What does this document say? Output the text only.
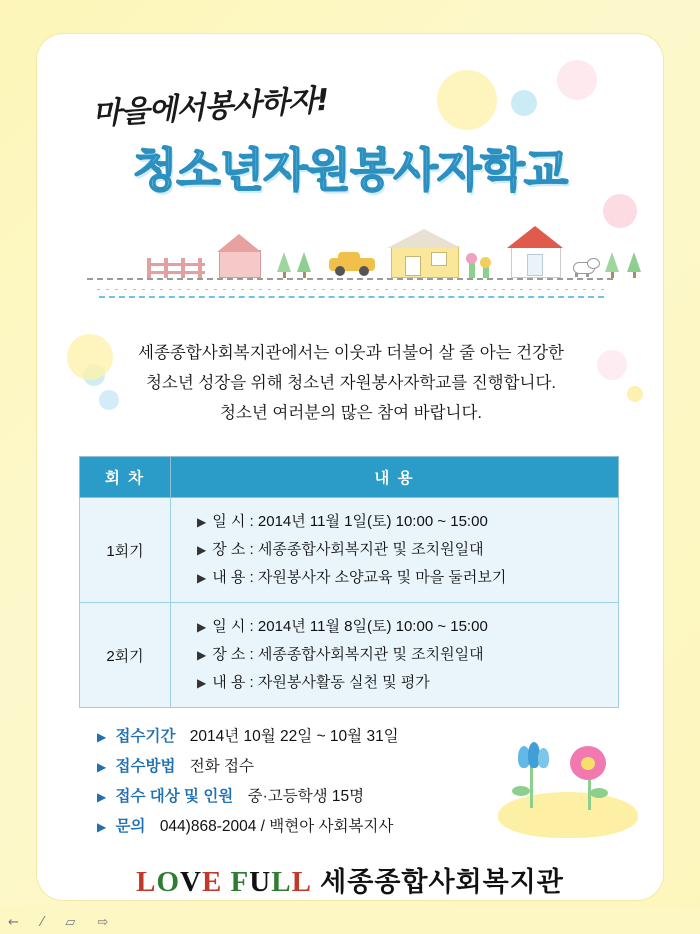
마을에서봉사하자!
청소년자원봉사자학교
세종종합사회복지관에서는 이웃과 더불어 살 줄 아는 건강한
청소년 성장을 위해 청소년 자원봉사자학교를 진행합니다.
청소년 여러분의 많은 참여 바랍니다.
회 차	내 용
1회기	▶ 일 시 : 2014년 11월 1일(토) 10:00 ~ 15:00
▶ 장 소 : 세종종합사회복지관 및 조치원일대
▶ 내 용 : 자원봉사자 소양교육 및 마을 둘러보기

2회기	▶ 일 시 : 2014년 11월 8일(토) 10:00 ~ 15:00
▶ 장 소 : 세종종합사회복지관 및 조치원일대
▶ 내 용 : 자원봉사활동 실천 및 평가
▶ 접수기간 2014년 10월 22일 ~ 10월 31일
▶ 접수방법 전화 접수
▶ 접수 대상 및 인원 중·고등학생 15명
▶ 문의 044)868-2004 / 백현아 사회복지사
LOVE FULL 세종종합사회복지관
← ⁄ ▱ ⇨
